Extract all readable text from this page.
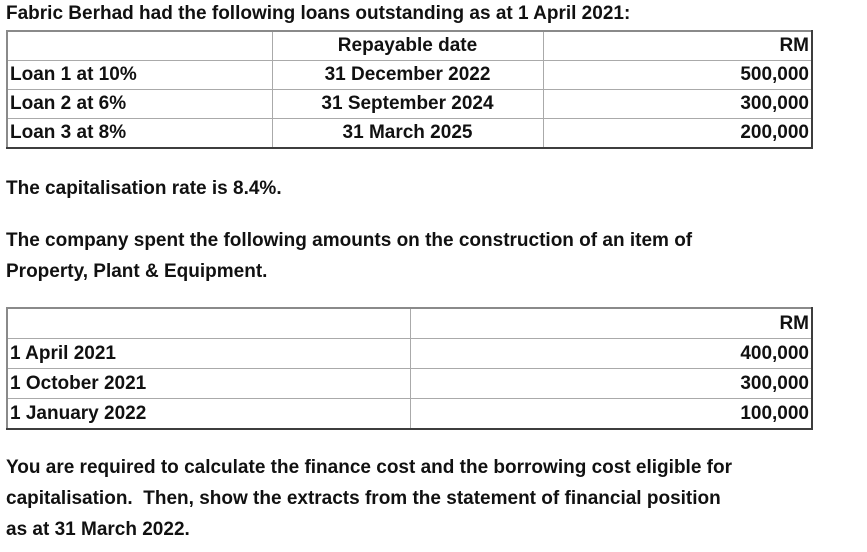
Fabric Berhad had the following loans outstanding as at 1 April 2021:
	Repayable date	RM
Loan 1 at 10%	31 December 2022	500,000
Loan 2 at 6%	31 September 2024	300,000
Loan 3 at 8%	31 March 2025	200,000
The capitalisation rate is 8.4%.
The company spent the following amounts on the construction of an item of
Property, Plant & Equipment.
	RM
1 April 2021	400,000
1 October 2021	300,000
1 January 2022	100,000
You are required to calculate the finance cost and the borrowing cost eligible for
capitalisation.  Then, show the extracts from the statement of financial position
as at 31 March 2022.
